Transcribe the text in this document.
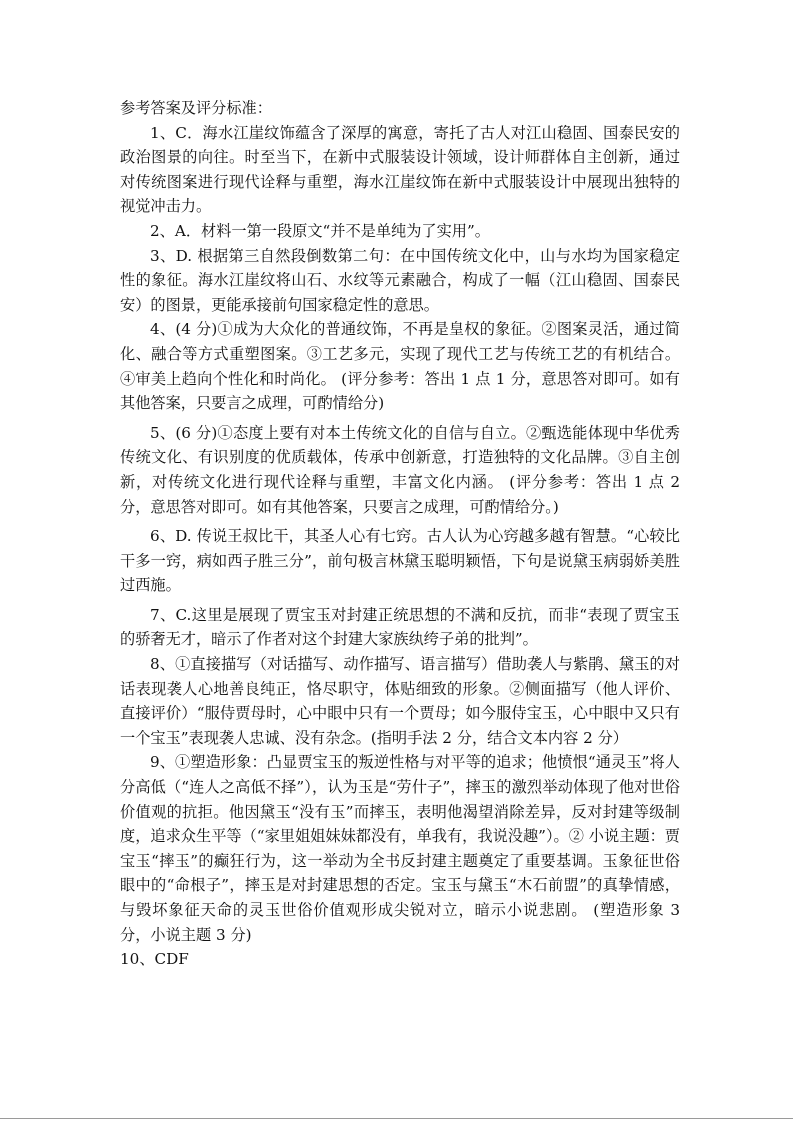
参考答案及评分标准：

1、C．海水江崖纹饰蕴含了深厚的寓意，寄托了古人对江山稳固、国泰民安的政治图景的向往。时至当下，在新中式服装设计领域，设计师群体自主创新，通过对传统图案进行现代诠释与重塑，海水江崖纹饰在新中式服装设计中展现出独特的视觉冲击力。

2、A．材料一第一段原文“并不是单纯为了实用”。

3、D. 根据第三自然段倒数第二句：在中国传统文化中，山与水均为国家稳定性的象征。海水江崖纹将山石、水纹等元素融合，构成了一幅（江山稳固、国泰民安）的图景，更能承接前句国家稳定性的意思。

4、(4 分)①成为大众化的普通纹饰，不再是皇权的象征。②图案灵活，通过简化、融合等方式重塑图案。③工艺多元，实现了现代工艺与传统工艺的有机结合。④审美上趋向个性化和时尚化。 (评分参考：答出 1 点 1 分，意思答对即可。如有其他答案，只要言之成理，可酌情给分)

5、(6 分)①态度上要有对本土传统文化的自信与自立。②甄选能体现中华优秀传统文化、有识别度的优质载体，传承中创新意，打造独特的文化品牌。③自主创新，对传统文化进行现代诠释与重塑，丰富文化内涵。 (评分参考：答出 1 点 2 分，意思答对即可。如有其他答案，只要言之成理，可酌情给分。)

6、D. 传说王叔比干，其圣人心有七窍。古人认为心窍越多越有智慧。“心较比干多一窍，病如西子胜三分”，前句极言林黛玉聪明颖悟，下句是说黛玉病弱娇美胜过西施。

7、C.这里是展现了贾宝玉对封建正统思想的不满和反抗，而非“表现了贾宝玉的骄奢无才，暗示了作者对这个封建大家族纨绔子弟的批判”。

8、①直接描写（对话描写、动作描写、语言描写）借助袭人与紫鹃、黛玉的对话表现袭人心地善良纯正，恪尽职守，体贴细致的形象。②侧面描写（他人评价、直接评价）“服侍贾母时，心中眼中只有一个贾母；如今服侍宝玉，心中眼中又只有一个宝玉”表现袭人忠诚、没有杂念。(指明手法 2 分，结合文本内容 2 分）

9、①塑造形象：凸显贾宝玉的叛逆性格与对平等的追求；他愤恨“通灵玉”将人分高低（“连人之高低不择”），认为玉是“劳什子”，摔玉的激烈举动体现了他对世俗价值观的抗拒。他因黛玉“没有玉”而摔玉，表明他渴望消除差异，反对封建等级制度，追求众生平等（“家里姐姐妹妹都没有，单我有，我说没趣”）。② 小说主题：贾宝玉“摔玉”的癫狂行为，这一举动为全书反封建主题奠定了重要基调。玉象征世俗眼中的“命根子”，摔玉是对封建思想的否定。宝玉与黛玉“木石前盟”的真挚情感，与毁坏象征天命的灵玉世俗价值观形成尖锐对立，暗示小说悲剧。 (塑造形象 3 分，小说主题 3 分)

10、CDF
